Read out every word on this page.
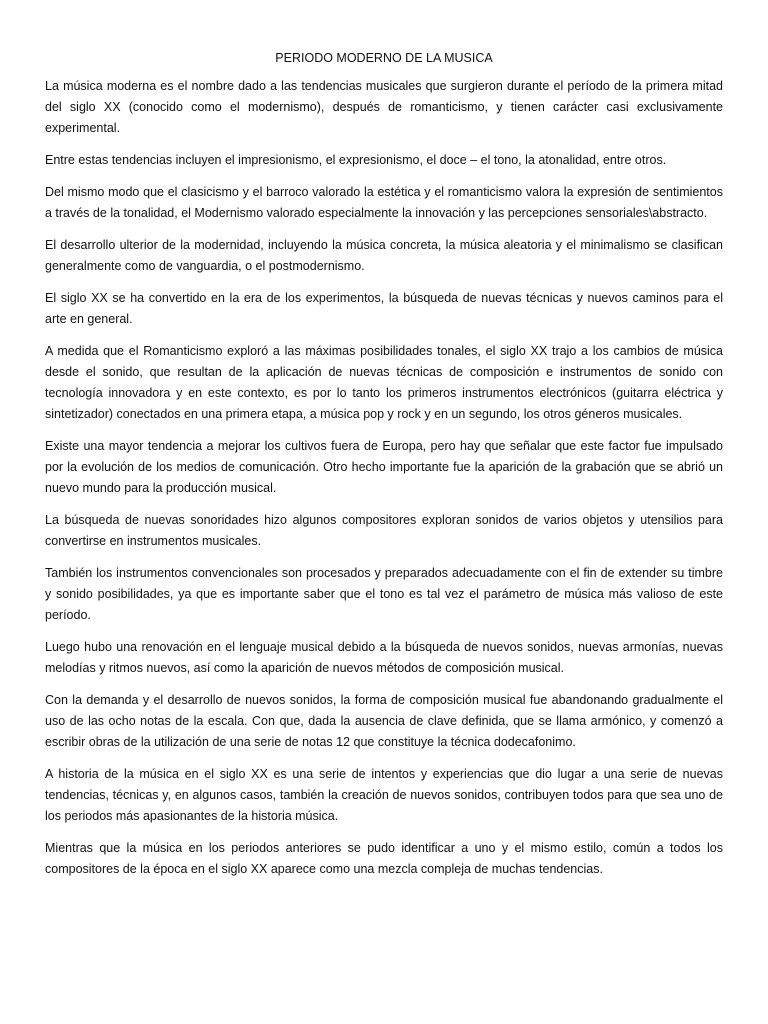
PERIODO MODERNO DE LA MUSICA

La música moderna es el nombre dado a las tendencias musicales que surgieron durante el período de la primera mitad del siglo XX (conocido como el modernismo), después de romanticismo, y tienen carácter casi exclusivamente experimental.

Entre estas tendencias incluyen el impresionismo, el expresionismo, el doce – el tono, la atonalidad, entre otros.

Del mismo modo que el clasicismo y el barroco valorado la estética y el romanticismo valora la expresión de sentimientos a través de la tonalidad, el Modernismo valorado especialmente la innovación y las percepciones sensoriales\abstracto.

El desarrollo ulterior de la modernidad, incluyendo la música concreta, la música aleatoria y el minimalismo se clasifican generalmente como de vanguardia, o el postmodernismo.

El siglo XX se ha convertido en la era de los experimentos, la búsqueda de nuevas técnicas y nuevos caminos para el arte en general.

A medida que el Romanticismo exploró a las máximas posibilidades tonales, el siglo XX trajo a los cambios de música desde el sonido, que resultan de la aplicación de nuevas técnicas de composición e instrumentos de sonido con tecnología innovadora y en este contexto, es por lo tanto los primeros instrumentos electrónicos (guitarra eléctrica y sintetizador) conectados en una primera etapa, a música pop y rock y en un segundo, los otros géneros musicales.

Existe una mayor tendencia a mejorar los cultivos fuera de Europa, pero hay que señalar que este factor fue impulsado por la evolución de los medios de comunicación. Otro hecho importante fue la aparición de la grabación que se abrió un nuevo mundo para la producción musical.

La búsqueda de nuevas sonoridades hizo algunos compositores exploran sonidos de varios objetos y utensilios para convertirse en instrumentos musicales.

También los instrumentos convencionales son procesados y preparados adecuadamente con el fin de extender su timbre y sonido posibilidades, ya que es importante saber que el tono es tal vez el parámetro de música más valioso de este período.

Luego hubo una renovación en el lenguaje musical debido a la búsqueda de nuevos sonidos, nuevas armonías, nuevas melodías y ritmos nuevos, así como la aparición de nuevos métodos de composición musical.

Con la demanda y el desarrollo de nuevos sonidos, la forma de composición musical fue abandonando gradualmente el uso de las ocho notas de la escala. Con que, dada la ausencia de clave definida, que se llama armónico, y comenzó a escribir obras de la utilización de una serie de notas 12 que constituye la técnica dodecafonimo.

A historia de la música en el siglo XX es una serie de intentos y experiencias que dio lugar a una serie de nuevas tendencias, técnicas y, en algunos casos, también la creación de nuevos sonidos, contribuyen todos para que sea uno de los periodos más apasionantes de la historia música.

Mientras que la música en los periodos anteriores se pudo identificar a uno y el mismo estilo, común a todos los compositores de la época en el siglo XX aparece como una mezcla compleja de muchas tendencias.
